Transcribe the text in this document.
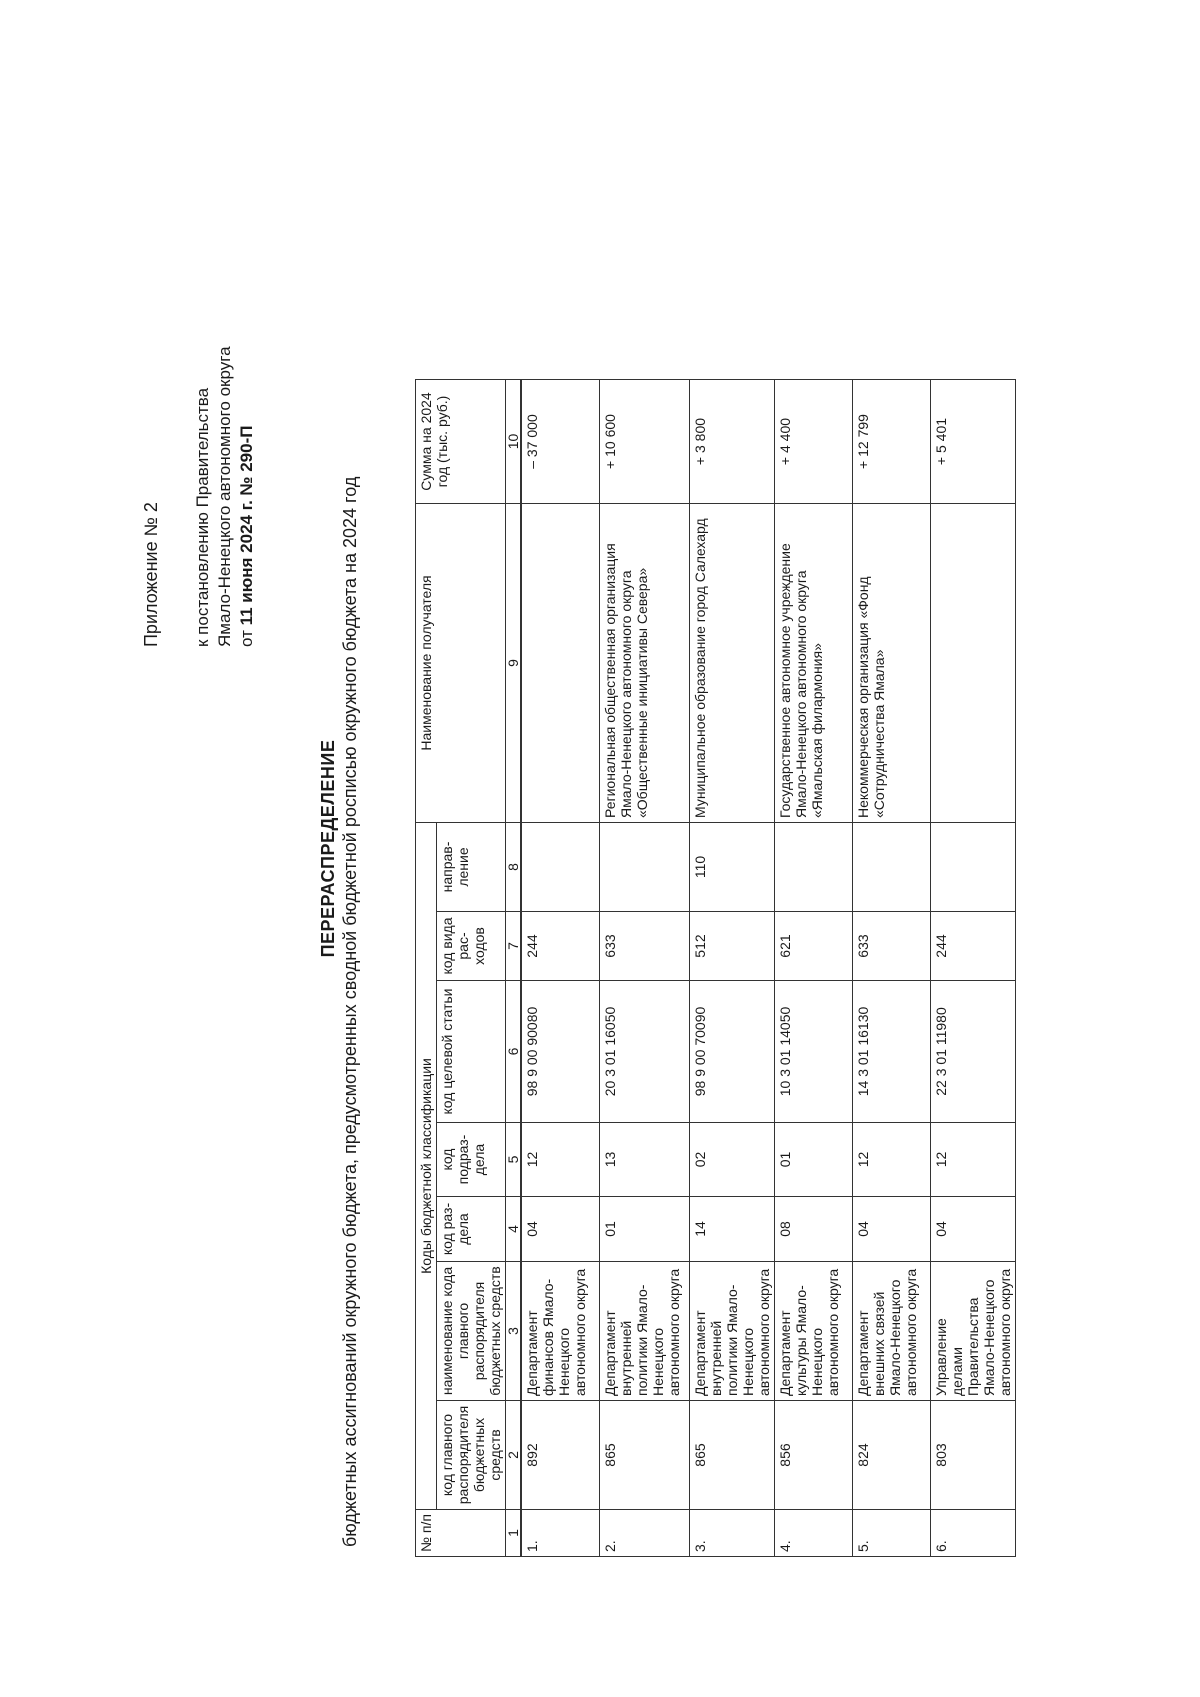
Приложение № 2 к постановлению Правительства Ямало-Ненецкого автономного округа от 11 июня 2024 г. № 290-П
ПЕРЕРАСПРЕДЕЛЕНИЕ бюджетных ассигнований окружного бюджета, предусмотренных сводной бюджетной росписью окружного бюджета на 2024 год	№ п/п	Коды бюджетной классификации							Наименование получателя	Сумма на 2024 год (тыс. руб.)
	код главного распорядителя бюджетных средств	наименование кода главного распорядителя бюджетных средств	код раз-дела	код подраз-дела	код целевой статьи	код вида рас-ходов	направ-ление		
1	2	3	4	5	6	7	8	9	10
1.	892	Департамент финансов Ямало-Ненецкого автономного округа	04	12	98 9 00 90080	244			– 37 000
2.	865	Департамент внутренней политики Ямало-Ненецкого автономного округа	01	13	20 3 01 16050	633		Региональная общественная организация Ямало-Ненецкого автономного округа «Общественные инициативы Севера»	+ 10 600
3.	865	Департамент внутренней политики Ямало-Ненецкого автономного округа	14	02	98 9 00 70090	512	110	Муниципальное образование город Салехард	+ 3 800
4.	856	Департамент культуры Ямало-Ненецкого автономного округа	08	01	10 3 01 14050	621		Государственное автономное учреждение Ямало-Ненецкого автономного округа «Ямальская филармония»	+ 4 400
5.	824	Департамент внешних связей Ямало-Ненецкого автономного округа	04	12	14 3 01 16130	633		Некоммерческая организация «Фонд «Сотрудничества Ямала»	+ 12 799
6.	803	Управление делами Правительства Ямало-Ненецкого автономного округа	04	12	22 3 01 11980	244			+ 5 401
